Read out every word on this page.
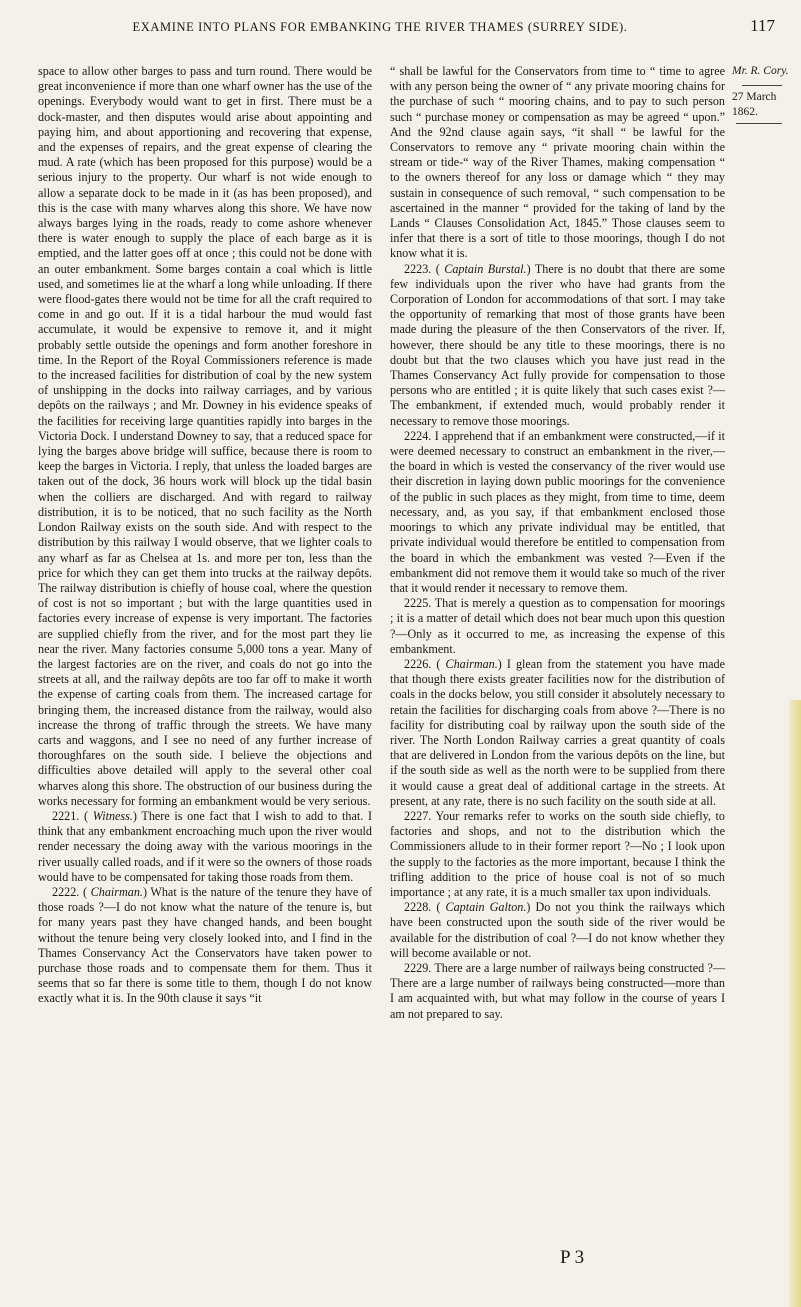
EXAMINE INTO PLANS FOR EMBANKING THE RIVER THAMES (SURREY SIDE).	117

space to allow other barges to pass and turn round. There would be great inconvenience if more than one wharf owner has the use of the openings. Everybody would want to get in first. There must be a dock-master, and then disputes would arise about appointing and paying him, and about apportioning and recovering that expense, and the expenses of repairs, and the great expense of clearing the mud. A rate (which has been proposed for this purpose) would be a serious injury to the property. Our wharf is not wide enough to allow a separate dock to be made in it (as has been proposed), and this is the case with many wharves along this shore. We have now always barges lying in the roads, ready to come ashore whenever there is water enough to supply the place of each barge as it is emptied, and the latter goes off at once ; this could not be done with an outer embankment. Some barges contain a coal which is little used, and sometimes lie at the wharf a long while unloading. If there were flood-gates there would not be time for all the craft required to come in and go out. If it is a tidal harbour the mud would fast accumulate, it would be expensive to remove it, and it might probably settle outside the openings and form another foreshore in time. In the Report of the Royal Commissioners reference is made to the increased facilities for distribution of coal by the new system of unshipping in the docks into railway carriages, and by various depôts on the railways ; and Mr. Downey in his evidence speaks of the facilities for receiving large quantities rapidly into barges in the Victoria Dock. I understand Downey to say, that a reduced space for lying the barges above bridge will suffice, because there is room to keep the barges in Victoria. I reply, that unless the loaded barges are taken out of the dock, 36 hours work will block up the tidal basin when the colliers are discharged. And with regard to railway distribution, it is to be noticed, that no such facility as the North London Railway exists on the south side. And with respect to the distribution by this railway I would observe, that we lighter coals to any wharf as far as Chelsea at 1s. and more per ton, less than the price for which they can get them into trucks at the railway depôts. The railway distribution is chiefly of house coal, where the question of cost is not so important ; but with the large quantities used in factories every increase of expense is very important. The factories are supplied chiefly from the river, and for the most part they lie near the river. Many factories consume 5,000 tons a year. Many of the largest factories are on the river, and coals do not go into the streets at all, and the railway depôts are too far off to make it worth the expense of carting coals from them. The increased cartage for bringing them, the increased distance from the railway, would also increase the throng of traffic through the streets. We have many carts and waggons, and I see no need of any further increase of thoroughfares on the south side. I believe the objections and difficulties above detailed will apply to the several other coal wharves along this shore. The obstruction of our business during the works necessary for forming an embankment would be very serious.

2221. ( Witness.) There is one fact that I wish to add to that. I think that any embankment encroaching much upon the river would render necessary the doing away with the various moorings in the river usually called roads, and if it were so the owners of those roads would have to be compensated for taking those roads from them.

2222. ( Chairman.) What is the nature of the tenure they have of those roads ?—I do not know what the nature of the tenure is, but for many years past they have changed hands, and been bought without the tenure being very closely looked into, and I find in the Thames Conservancy Act the Conservators have taken power to purchase those roads and to compensate them for them. Thus it seems that so far there is some title to them, though I do not know exactly what it is. In the 90th clause it says “it

“ shall be lawful for the Conservators from time to “ time to agree with any person being the owner of “ any private mooring chains for the purchase of such “ mooring chains, and to pay to such person such “ purchase money or compensation as may be agreed “ upon.” And the 92nd clause again says, “it shall “ be lawful for the Conservators to remove any “ private mooring chain within the stream or tide-“ way of the River Thames, making compensation “ to the owners thereof for any loss or damage which “ they may sustain in consequence of such removal, “ such compensation to be ascertained in the manner “ provided for the taking of land by the Lands “ Clauses Consolidation Act, 1845.” Those clauses seem to infer that there is a sort of title to those moorings, though I do not know what it is.

2223. ( Captain Burstal.) There is no doubt that there are some few individuals upon the river who have had grants from the Corporation of London for accommodations of that sort. I may take the opportunity of remarking that most of those grants have been made during the pleasure of the then Conservators of the river. If, however, there should be any title to these moorings, there is no doubt but that the two clauses which you have just read in the Thames Conservancy Act fully provide for compensation to those persons who are entitled ; it is quite likely that such cases exist ?—The embankment, if extended much, would probably render it necessary to remove those moorings.

2224. I apprehend that if an embankment were constructed,—if it were deemed necessary to construct an embankment in the river,—the board in which is vested the conservancy of the river would use their discretion in laying down public moorings for the convenience of the public in such places as they might, from time to time, deem necessary, and, as you say, if that embankment enclosed those moorings to which any private individual may be entitled, that private individual would therefore be entitled to compensation from the board in which the embankment was vested ?—Even if the embankment did not remove them it would take so much of the river that it would render it necessary to remove them.

2225. That is merely a question as to compensation for moorings ; it is a matter of detail which does not bear much upon this question ?—Only as it occurred to me, as increasing the expense of this embankment.

2226. ( Chairman.) I glean from the statement you have made that though there exists greater facilities now for the distribution of coals in the docks below, you still consider it absolutely necessary to retain the facilities for discharging coals from above ?—There is no facility for distributing coal by railway upon the south side of the river. The North London Railway carries a great quantity of coals that are delivered in London from the various depôts on the line, but if the south side as well as the north were to be supplied from there it would cause a great deal of additional cartage in the streets. At present, at any rate, there is no such facility on the south side at all.

2227. Your remarks refer to works on the south side chiefly, to factories and shops, and not to the distribution which the Commissioners allude to in their former report ?—No ; I look upon the supply to the factories as the more important, because I think the trifling addition to the price of house coal is not of so much importance ; at any rate, it is a much smaller tax upon individuals.

2228. ( Captain Galton.) Do not you think the railways which have been constructed upon the south side of the river would be available for the distribution of coal ?—I do not know whether they will become available or not.

2229. There are a large number of railways being constructed ?—There are a large number of railways being constructed—more than I am acquainted with, but what may follow in the course of years I am not prepared to say.

Mr. R. Cory.
27 March 1862.
P 3
